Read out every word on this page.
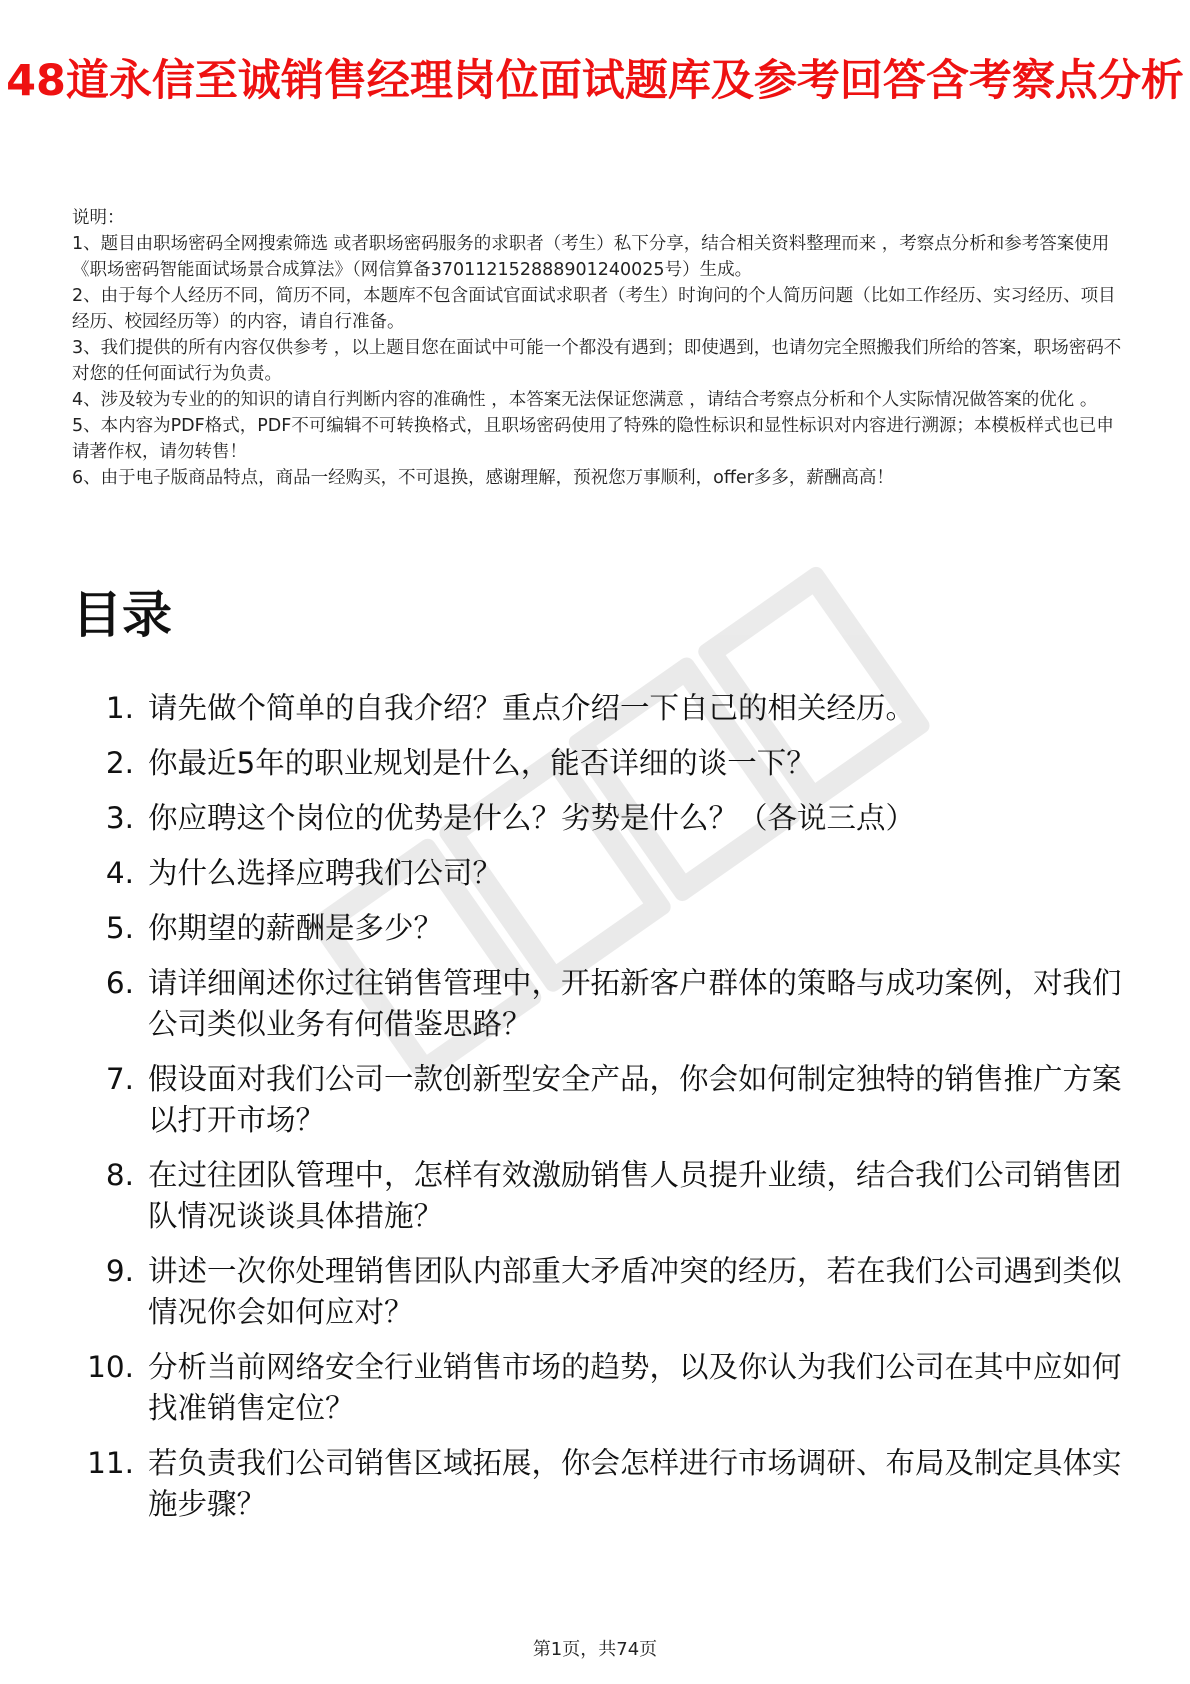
48道永信至诚销售经理岗位面试题库及参考回答含考察点分析

说明：

1、题目由职场密码全网搜索筛选 或者职场密码服务的求职者（考生）私下分享，结合相关资料整理而来 ，考察点分析和参考答案使用《职场密码智能面试场景合成算法》（网信算备370112152888901240025号）生成。

2、由于每个人经历不同，简历不同，本题库不包含面试官面试求职者（考生）时询问的个人简历问题（比如工作经历、实习经历、项目经历、校园经历等）的内容，请自行准备。

3、我们提供的所有内容仅供参考 ，以上题目您在面试中可能一个都没有遇到；即使遇到，也请勿完全照搬我们所给的答案，职场密码不对您的任何面试行为负责。

4、涉及较为专业的的知识的请自行判断内容的准确性 ，本答案无法保证您满意 ，请结合考察点分析和个人实际情况做答案的优化 。

5、本内容为PDF格式，PDF不可编辑不可转换格式，且职场密码使用了特殊的隐性标识和显性标识对内容进行溯源；本模板样式也已申请著作权，请勿转售！

6、由于电子版商品特点，商品一经购买，不可退换，感谢理解，预祝您万事顺利，offer多多，薪酬高高！

目录
1. 请先做个简单的自我介绍？重点介绍一下自己的相关经历。
2. 你最近5年的职业规划是什么，能否详细的谈一下？
3. 你应聘这个岗位的优势是什么？劣势是什么？（各说三点）
4. 为什么选择应聘我们公司？
5. 你期望的薪酬是多少？
6. 请详细阐述你过往销售管理中，开拓新客户群体的策略与成功案例，对我们公司类似业务有何借鉴思路？
7. 假设面对我们公司一款创新型安全产品，你会如何制定独特的销售推广方案以打开市场？
8. 在过往团队管理中，怎样有效激励销售人员提升业绩，结合我们公司销售团队情况谈谈具体措施？
9. 讲述一次你处理销售团队内部重大矛盾冲突的经历，若在我们公司遇到类似情况你会如何应对？
10. 分析当前网络安全行业销售市场的趋势，以及你认为我们公司在其中应如何找准销售定位？
11. 若负责我们公司销售区域拓展，你会怎样进行市场调研、布局及制定具体实施步骤？
第1页，共74页
